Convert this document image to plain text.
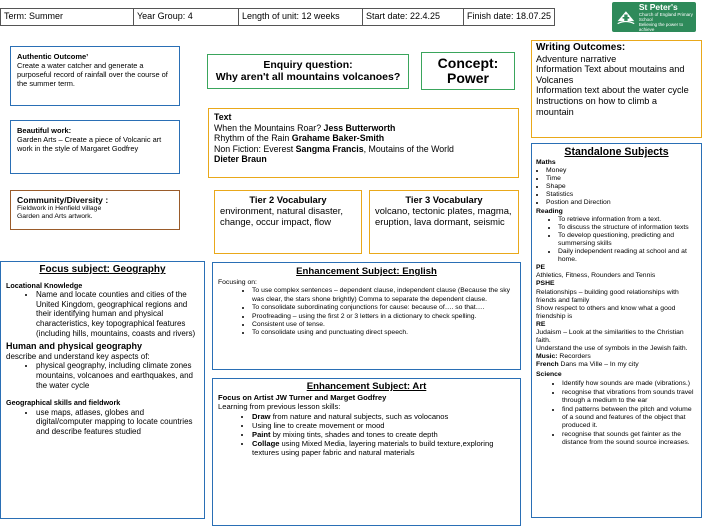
Term: Summer	Year Group: 4	Length of unit: 12 weeks	Start date: 22.4.25	Finish date: 18.07.25
St Peter's
Church of England Primary School
Believing the power to achieve
Authentic Outcome’
Create a water catcher and generate a purposeful record of rainfall over the course of the summer term.
Enquiry question:
Why aren't all mountains volcanoes?
Concept:
Power
Writing Outcomes:
Adventure narrative
Information Text about moutains and Volcanes
Information text about the water cycle
Instructions on how to climb a mountain
Beautiful work:
Garden Arts – Create a piece of Volcanic art work in the style of Margaret Godfrey
Text
When the Mountains Roar? Jess Butterworth
Rhythm of the Rain Grahame Baker-Smith
Non Fiction: Everest Sangma Francis, Moutains of the World
Dieter Braun
Community/Diversity :
Fieldwork in Henfield village
Garden and Arts artwork.
Tier 2 Vocabulary
environment, natural disaster, change, occur impact, flow
Tier 3 Vocabulary
volcano, tectonic plates, magma, eruption, lava dormant, seismic
Focus subject: Geography
Locational Knowledge
• Name and locate counties and cities of the United Kingdom, geographical regions and their identifying human and physical characteristics, key topographical features (including hills, mountains, coasts and rivers)
Human and physical geography
describe and understand key aspects of:
• physical geography, including climate zones mountains, volcanoes and earthquakes, and the water cycle
Geographical skills and fieldwork
• use maps, atlases, globes and digital/computer mapping to locate countries and describe features studied
Enhancement Subject: English
Focusing on:
• To use complex sentences – dependent clause, independent clause (Because the sky was clear, the stars shone brightly) Comma to separate the dependent clause.
• To consolidate subordinating conjunctions for cause: because of…. so that….
• Proofreading – using the first 2 or 3 letters in a dictionary to check spelling.
• Consistent use of tense.
• To consolidate using and punctuating direct speech.
Enhancement Subject: Art
Focus on Artist JW Turner and Marget Godfrey
Learning from previous lesson skills:
• Draw from nature and natural subjects, such as volocanos
• Using line to create movement or mood
• Paint by mixing tints, shades and tones to create depth
• Collage using Mixed Media, layering materials to build texture,exploring textures using paper fabric and natural materials
Standalone Subjects
Maths
• Money
• Time
• Shape
• Statistics
• Postion and Direction
Reading
• To retrieve information from a text.
• To discuss the structure of information texts
• To develop questioning, predicting and summersing skills
• Daily independent reading at school and at home.
PE
Athletics, Fitness, Rounders and Tennis
PSHE
Relationships – building good relationships with friends and family
Show respect to others and know what a good friendship is
RE
Judaism – Look at the similarities to the Christian faith.
Understand the use of symbols in the Jewish faith.
Music: Recorders
French Dans ma Ville – In my city
Science
• Identify how sounds are made (vibrations.)
• recognise that vibrations from sounds travel through a medium to the ear
• find patterns between the pitch and volume of a sound and features of the object that produced it.
• recognise that sounds get fainter as the distance from the sound source increases.
